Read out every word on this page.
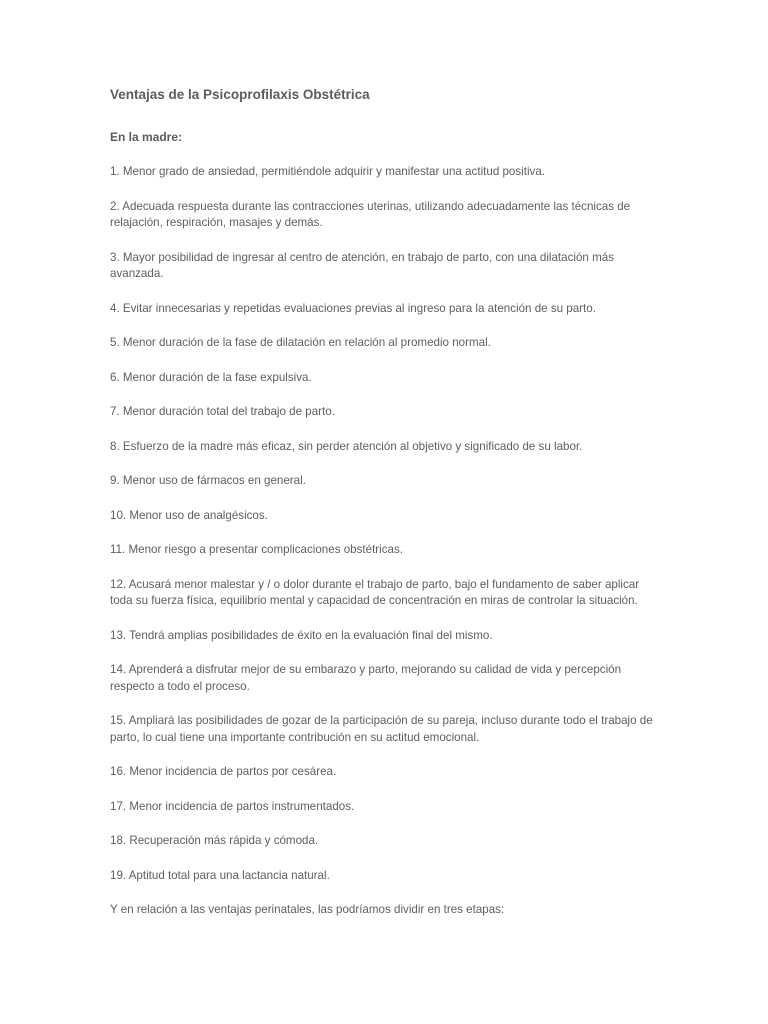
Ventajas de la Psicoprofilaxis Obstétrica
En la madre:

1. Menor grado de ansiedad, permitiéndole adquirir y manifestar una actitud positiva.

2. Adecuada respuesta durante las contracciones uterinas, utilizando adecuadamente las técnicas de relajación, respiración, masajes y demás.

3. Mayor posibilidad de ingresar al centro de atención, en trabajo de parto, con una dilatación más avanzada.

4. Evitar innecesarias y repetidas evaluaciones previas al ingreso para la atención de su parto.

5. Menor duración de la fase de dilatación en relación al promedio normal.

6. Menor duración de la fase expulsiva.

7. Menor duración total del trabajo de parto.

8. Esfuerzo de la madre más eficaz, sin perder atención al objetivo y significado de su labor.

9. Menor uso de fármacos en general.

10. Menor uso de analgésicos.

11. Menor riesgo a presentar complicaciones obstétricas.

12. Acusará menor malestar y / o dolor durante el trabajo de parto, bajo el fundamento de saber aplicar toda su fuerza física, equilibrio mental y capacidad de concentración en miras de controlar la situación.

13. Tendrá amplias posibilidades de éxito en la evaluación final del mismo.

14. Aprenderá a disfrutar mejor de su embarazo y parto, mejorando su calidad de vida y percepción respecto a todo el proceso.

15. Ampliará las posibilidades de gozar de la participación de su pareja, incluso durante todo el trabajo de parto, lo cual tiene una importante contribución en su actitud emocional.

16. Menor incidencia de partos por cesárea.

17. Menor incidencia de partos instrumentados.

18. Recuperación más rápida y cómoda.

19. Aptitud total para una lactancia natural.

Y en relación a las ventajas perinatales, las podríamos dividir en tres etapas:
